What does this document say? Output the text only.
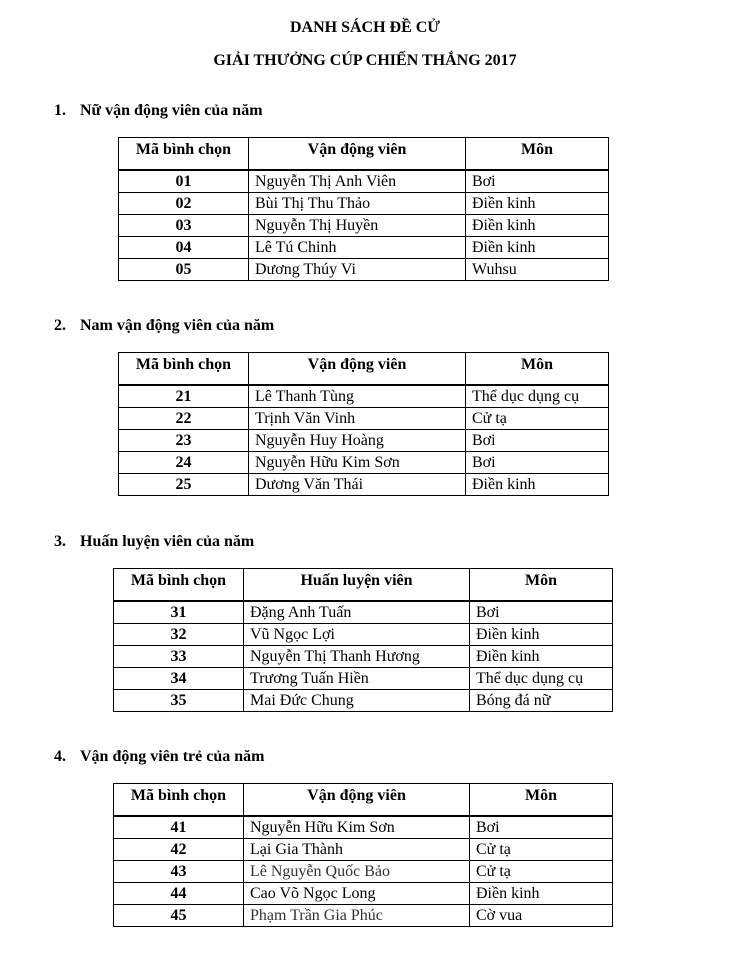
DANH SÁCH ĐỀ CỬ
GIẢI THƯỞNG CÚP CHIẾN THẮNG 2017
1. Nữ vận động viên của năm
Mã bình chọn	Vận động viên	Môn
01	Nguyễn Thị Anh Viên	Bơi
02	Bùi Thị Thu Thảo	Điền kinh
03	Nguyễn Thị Huyền	Điền kinh
04	Lê Tú Chinh	Điền kinh
05	Dương Thúy Vi	Wuhsu
2. Nam vận động viên của năm
Mã bình chọn	Vận động viên	Môn
21	Lê Thanh Tùng	Thể dục dụng cụ
22	Trịnh Văn Vinh	Cử tạ
23	Nguyễn Huy Hoàng	Bơi
24	Nguyễn Hữu Kim Sơn	Bơi
25	Dương Văn Thái	Điền kinh
3. Huấn luyện viên của năm
Mã bình chọn	Huấn luyện viên	Môn
31	Đặng Anh Tuấn	Bơi
32	Vũ Ngọc Lợi	Điền kinh
33	Nguyễn Thị Thanh Hương	Điền kinh
34	Trương Tuấn Hiền	Thể dục dụng cụ
35	Mai Đức Chung	Bóng đá nữ
4. Vận động viên trẻ của năm
Mã bình chọn	Vận động viên	Môn
41	Nguyễn Hữu Kim Sơn	Bơi
42	Lại Gia Thành	Cử tạ
43	Lê Nguyễn Quốc Bảo	Cử tạ
44	Cao Võ Ngọc Long	Điền kinh
45	Phạm Trần Gia Phúc	Cờ vua
